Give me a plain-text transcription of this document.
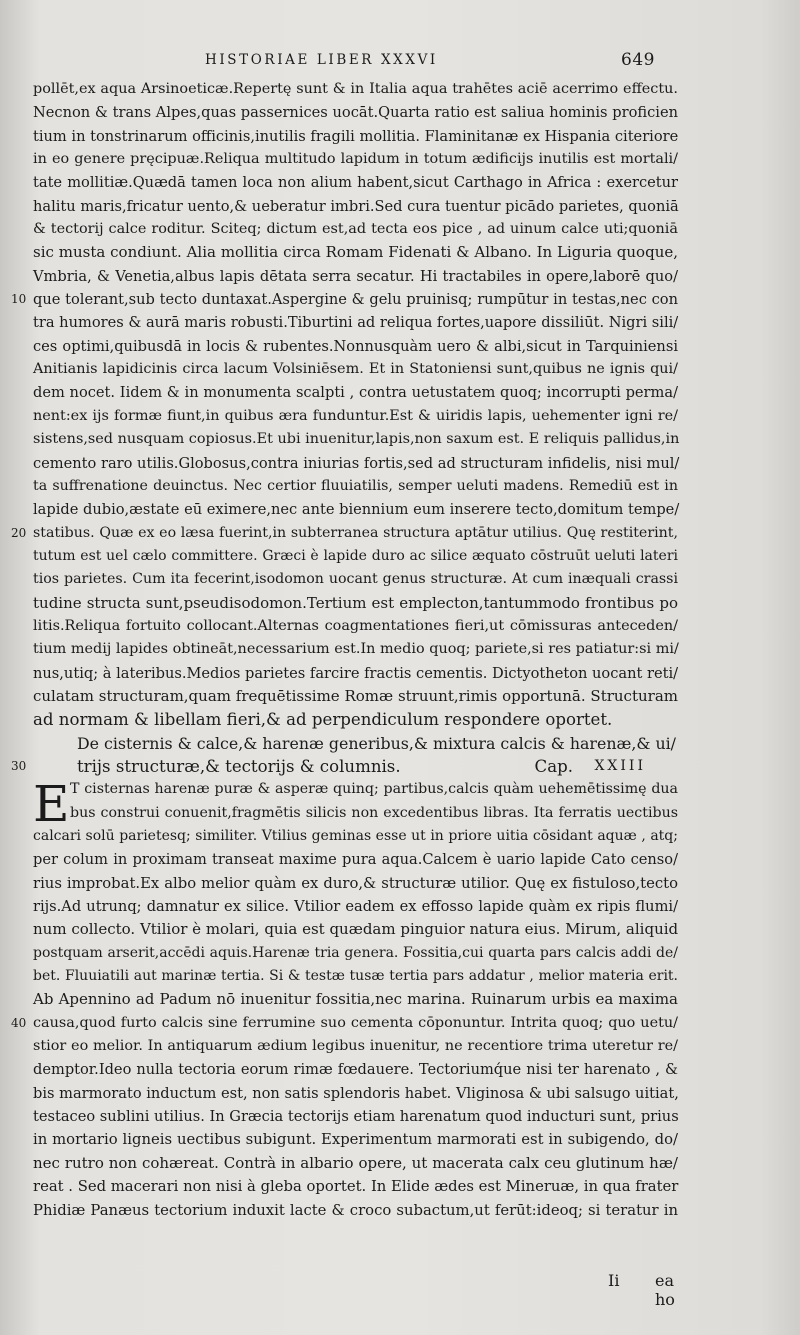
HISTORIAE LIBER XXXVI	649
pollēt,ex aqua Arsinoeticæ.Repertę sunt & in Italia aqua trahētes aciē acerrimo effectu.
Necnon & trans Alpes,quas passernices uocāt.Quarta ratio est saliua hominis proficien
tium in tonstrinarum officinis,inutilis fragili mollitia. Flaminitanæ ex Hispania citeriore
in eo genere pręcipuæ.Reliqua multitudo lapidum in totum ædificijs inutilis est mortali/
tate mollitiæ.Quædā tamen loca non alium habent,sicut Carthago in Africa : exercetur
halitu maris,fricatur uento,& ueberatur imbri.Sed cura tuentur picādo parietes, quoniā
& tectorij calce roditur. Sciteq; dictum est,ad tecta eos pice , ad uinum calce uti;quoniā
sic musta condiunt. Alia mollitia circa Romam Fidenati & Albano. In Liguria quoque,
Vmbria, & Venetia,albus lapis dētata serra secatur. Hi tractabiles in opere,laborē quo/
10 que tolerant,sub tecto duntaxat.Aspergine & gelu pruinisq; rumpūtur in testas,nec con
tra humores & aurā maris robusti.Tiburtini ad reliqua fortes,uapore dissiliūt. Nigri sili/
ces optimi,quibusdā in locis & rubentes.Nonnusquàm uero & albi,sicut in Tarquiniensi
Anitianis lapidicinis circa lacum Volsiniēsem. Et in Statoniensi sunt,quibus ne ignis qui/
dem nocet. Iidem & in monumenta scalpti , contra uetustatem quoq; incorrupti perma/
nent:ex ijs formæ fiunt,in quibus æra funduntur.Est & uiridis lapis, uehementer igni re/
sistens,sed nusquam copiosus.Et ubi inuenitur,lapis,non saxum est. E reliquis pallidus,in
cemento raro utilis.Globosus,contra iniurias fortis,sed ad structuram infidelis, nisi mul/
ta suffrenatione deuinctus. Nec certior fluuiatilis, semper ueluti madens. Remediū est in
lapide dubio,æstate eū eximere,nec ante biennium eum inserere tecto,domitum tempe/
20 statibus. Quæ ex eo læsa fuerint,in subterranea structura aptātur utilius. Quę restiterint,
tutum est uel cælo committere. Græci è lapide duro ac silice æquato cōstruūt ueluti lateri
tios parietes. Cum ita fecerint,isodomon uocant genus structuræ. At cum inæquali crassi
tudine structa sunt,pseudisodomon.Tertium est emplecton,tantummodo frontibus po
litis.Reliqua fortuito collocant.Alternas coagmentationes fieri,ut cōmissuras anteceden/
tium medij lapides obtineāt,necessarium est.In medio quoq; pariete,si res patiatur:si mi/
nus,utiq; à lateribus.Medios parietes farcire fractis cementis. Dictyotheton uocant reti/
culatam structuram,quam frequētissime Romæ struunt,rimis opportunā. Structuram
ad normam & libellam fieri,& ad perpendiculum respondere oportet.
De cisternis & calce,& harenæ generibus,& mixtura calcis & harenæ,& ui/
30	trijs structuræ,& tectorijs & columnis.	Cap. XXIII
E T cisternas harenæ puræ & asperæ quinq; partibus,calcis quàm uehemētissimę dua
bus construi conuenit,fragmētis silicis non excedentibus libras. Ita ferratis uectibus
calcari solū parietesq; similiter. Vtilius geminas esse ut in priore uitia cōsidant aquæ , atq;
per colum in proximam transeat maxime pura aqua.Calcem è uario lapide Cato censo/
rius improbat.Ex albo melior quàm ex duro,& structuræ utilior. Quę ex fistuloso,tecto
rijs.Ad utrunq; damnatur ex silice. Vtilior eadem ex effosso lapide quàm ex ripis flumi/
num collecto. Vtilior è molari, quia est quædam pinguior natura eius. Mirum, aliquid
postquam arserit,accēdi aquis.Harenæ tria genera. Fossitia,cui quarta pars calcis addi de/
bet. Fluuiatili aut marinæ tertia. Si & testæ tusæ tertia pars addatur , melior materia erit.
Ab Apennino ad Padum nō inuenitur fossitia,nec marina. Ruinarum urbis ea maxima
40 causa,quod furto calcis sine ferrumine suo cementa cōponuntur. Intrita quoq; quo uetu/
stior eo melior. In antiquarum ædium legibus inuenitur, ne recentiore trima uteretur re/
demptor.Ideo nulla tectoria eorum rimæ fœdauere. Tectoriumq́ue nisi ter harenato , &
bis marmorato inductum est, non satis splendoris habet. Vliginosa & ubi salsugo uitiat,
testaceo sublini utilius. In Græcia tectorijs etiam harenatum quod inducturi sunt, prius
in mortario ligneis uectibus subigunt. Experimentum marmorati est in subigendo, do/
nec rutro non cohæreat. Contrà in albario opere, ut macerata calx ceu glutinum hæ/
reat . Sed macerari non nisi à gleba oportet. In Elide ædes est Mineruæ, in qua frater
Phidiæ Panæus tectorium induxit lacte & croco subactum,ut ferūt:ideoq; si teratur in
Ii ea ho
